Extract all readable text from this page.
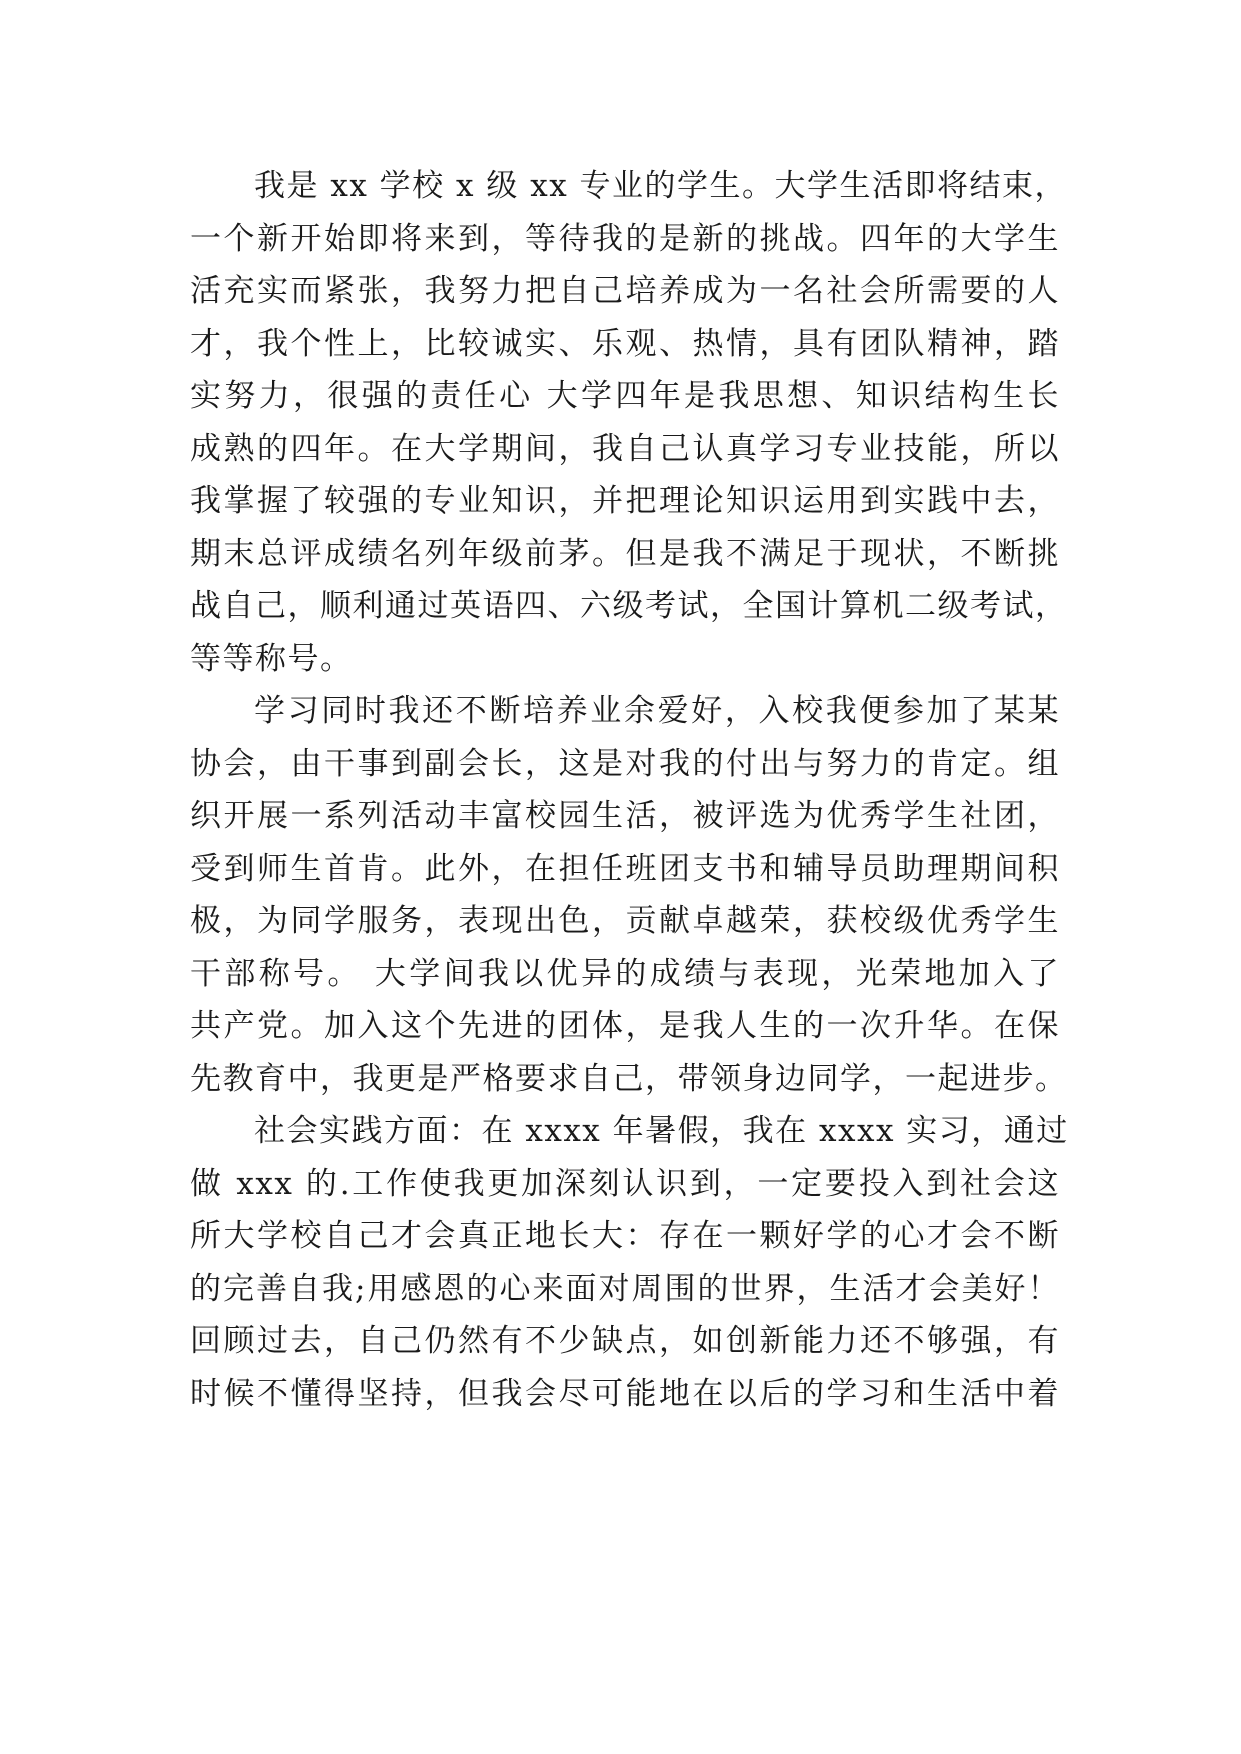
我是 xx 学校 x 级 xx 专业的学生。大学生活即将结束，
一个新开始即将来到，等待我的是新的挑战。四年的大学生
活充实而紧张，我努力把自己培养成为一名社会所需要的人
才，我个性上，比较诚实、乐观、热情，具有团队精神，踏
实努力，很强的责任心 大学四年是我思想、知识结构生长
成熟的四年。在大学期间，我自己认真学习专业技能，所以
我掌握了较强的专业知识，并把理论知识运用到实践中去，
期末总评成绩名列年级前茅。但是我不满足于现状，不断挑
战自己，顺利通过英语四、六级考试，全国计算机二级考试，
等等称号。
学习同时我还不断培养业余爱好，入校我便参加了某某
协会，由干事到副会长，这是对我的付出与努力的肯定。组
织开展一系列活动丰富校园生活，被评选为优秀学生社团，
受到师生首肯。此外，在担任班团支书和辅导员助理期间积
极，为同学服务，表现出色，贡献卓越荣，获校级优秀学生
干部称号。 大学间我以优异的成绩与表现，光荣地加入了
共产党。加入这个先进的团体，是我人生的一次升华。在保
先教育中，我更是严格要求自己，带领身边同学，一起进步。
社会实践方面：在 xxxx 年暑假，我在 xxxx 实习，通过
做 xxx 的.工作使我更加深刻认识到，一定要投入到社会这
所大学校自己才会真正地长大：存在一颗好学的心才会不断
的完善自我;用感恩的心来面对周围的世界，生活才会美好！
回顾过去，自己仍然有不少缺点，如创新能力还不够强，有
时候不懂得坚持，但我会尽可能地在以后的学习和生活中着
